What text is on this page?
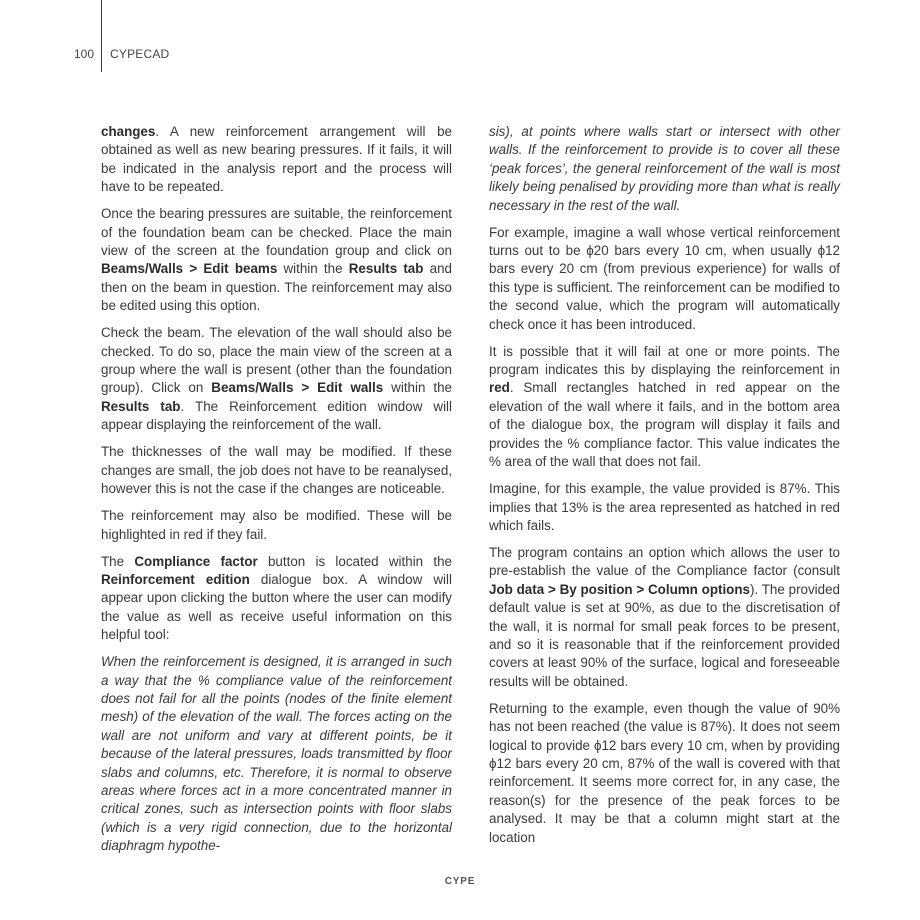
100 CYPECAD

changes. A new reinforcement arrangement will be obtained as well as new bearing pressures. If it fails, it will be indicated in the analysis report and the process will have to be repeated.

Once the bearing pressures are suitable, the reinforcement of the foundation beam can be checked. Place the main view of the screen at the foundation group and click on Beams/Walls > Edit beams within the Results tab and then on the beam in question. The reinforcement may also be edited using this option.

Check the beam. The elevation of the wall should also be checked. To do so, place the main view of the screen at a group where the wall is present (other than the foundation group). Click on Beams/Walls > Edit walls within the Results tab. The Reinforcement edition window will appear displaying the reinforcement of the wall.

The thicknesses of the wall may be modified. If these changes are small, the job does not have to be reanalysed, however this is not the case if the changes are noticeable.

The reinforcement may also be modified. These will be highlighted in red if they fail.

The Compliance factor button is located within the Reinforcement edition dialogue box. A window will appear upon clicking the button where the user can modify the value as well as receive useful information on this helpful tool:

When the reinforcement is designed, it is arranged in such a way that the % compliance value of the reinforcement does not fail for all the points (nodes of the finite element mesh) of the elevation of the wall. The forces acting on the wall are not uniform and vary at different points, be it because of the lateral pressures, loads transmitted by floor slabs and columns, etc. Therefore, it is normal to observe areas where forces act in a more concentrated manner in critical zones, such as intersection points with floor slabs (which is a very rigid connection, due to the horizontal diaphragm hypothe-

sis), at points where walls start or intersect with other walls. If the reinforcement to provide is to cover all these ‘peak forces’, the general reinforcement of the wall is most likely being penalised by providing more than what is really necessary in the rest of the wall.

For example, imagine a wall whose vertical reinforcement turns out to be ϕ20 bars every 10 cm, when usually ϕ12 bars every 20 cm (from previous experience) for walls of this type is sufficient. The reinforcement can be modified to the second value, which the program will automatically check once it has been introduced.

It is possible that it will fail at one or more points. The program indicates this by displaying the reinforcement in red. Small rectangles hatched in red appear on the elevation of the wall where it fails, and in the bottom area of the dialogue box, the program will display it fails and provides the % compliance factor. This value indicates the % area of the wall that does not fail.

Imagine, for this example, the value provided is 87%. This implies that 13% is the area represented as hatched in red which fails.

The program contains an option which allows the user to pre-establish the value of the Compliance factor (consult Job data > By position > Column options). The provided default value is set at 90%, as due to the discretisation of the wall, it is normal for small peak forces to be present, and so it is reasonable that if the reinforcement provided covers at least 90% of the surface, logical and foreseeable results will be obtained.

Returning to the example, even though the value of 90% has not been reached (the value is 87%). It does not seem logical to provide ϕ12 bars every 10 cm, when by providing ϕ12 bars every 20 cm, 87% of the wall is covered with that reinforcement. It seems more correct for, in any case, the reason(s) for the presence of the peak forces to be analysed. It may be that a column might start at the location

CYPE
